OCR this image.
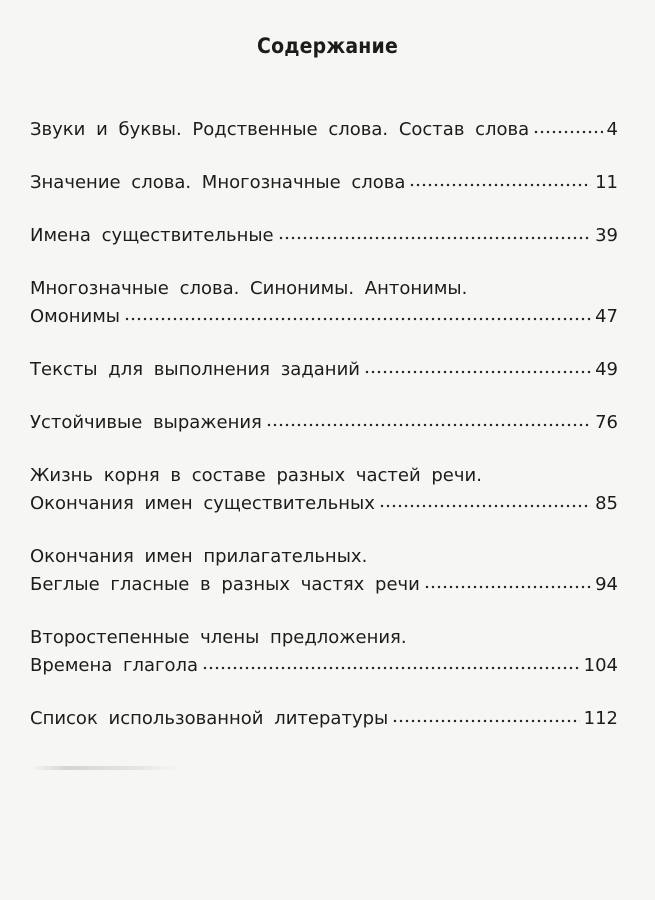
Содержание
Звуки и буквы. Родственные слова. Состав слова	4
Значение слова. Многозначные слова	11
Имена существительные	39
Многозначные слова. Синонимы. Антонимы.
Омонимы	47
Тексты для выполнения заданий	49
Устойчивые выражения	76
Жизнь корня в составе разных частей речи.
Окончания имен существительных	85
Окончания имен прилагательных.
Беглые гласные в разных частях речи	94
Второстепенные члены предложения.
Времена глагола	104
Список использованной литературы	112
